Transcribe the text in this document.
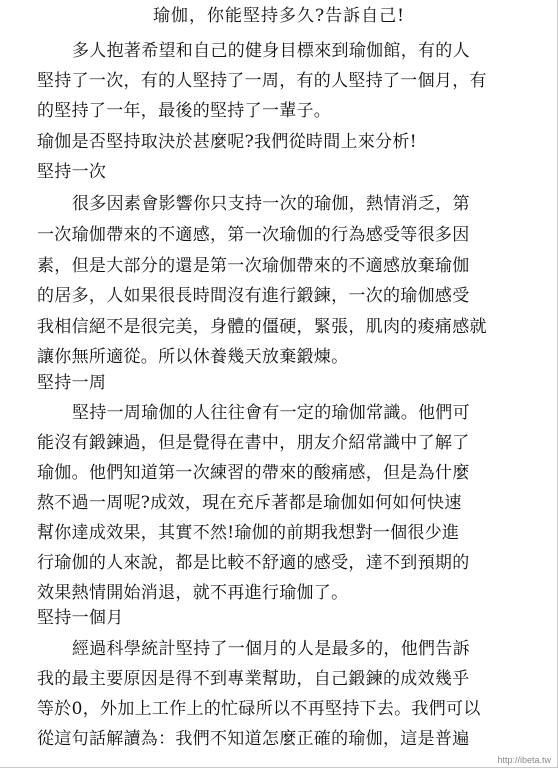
瑜伽，你能堅持多久?告訴自己!
多人抱著希望和自己的健身目標來到瑜伽館，有的人
堅持了一次，有的人堅持了一周，有的人堅持了一個月，有
的堅持了一年，最後的堅持了一輩子。
瑜伽是否堅持取決於甚麼呢?我們從時間上來分析!
堅持一次
很多因素會影響你只支持一次的瑜伽，熱情消乏，第
一次瑜伽帶來的不適感，第一次瑜伽的行為感受等很多因
素，但是大部分的還是第一次瑜伽帶來的不適感放棄瑜伽
的居多，人如果很長時間沒有進行鍛鍊，一次的瑜伽感受
我相信絕不是很完美，身體的僵硬，緊張，肌肉的痠痛感就
讓你無所適從。所以休養幾天放棄鍛煉。
堅持一周
堅持一周瑜伽的人往往會有一定的瑜伽常識。他們可
能沒有鍛鍊過，但是覺得在書中，朋友介紹常識中了解了
瑜伽。他們知道第一次練習的帶來的酸痛感，但是為什麼
熬不過一周呢?成效，現在充斥著都是瑜伽如何如何快速
幫你達成效果，其實不然!瑜伽的前期我想對一個很少進
行瑜伽的人來說，都是比較不舒適的感受，達不到預期的
效果熱情開始消退，就不再進行瑜伽了。
堅持一個月
經過科學統計堅持了一個月的人是最多的，他們告訴
我的最主要原因是得不到專業幫助，自己鍛鍊的成效幾乎
等於0，外加上工作上的忙碌所以不再堅持下去。我們可以
從這句話解讀為：我們不知道怎麼正確的瑜伽，這是普遍
http://ibeta.tw
